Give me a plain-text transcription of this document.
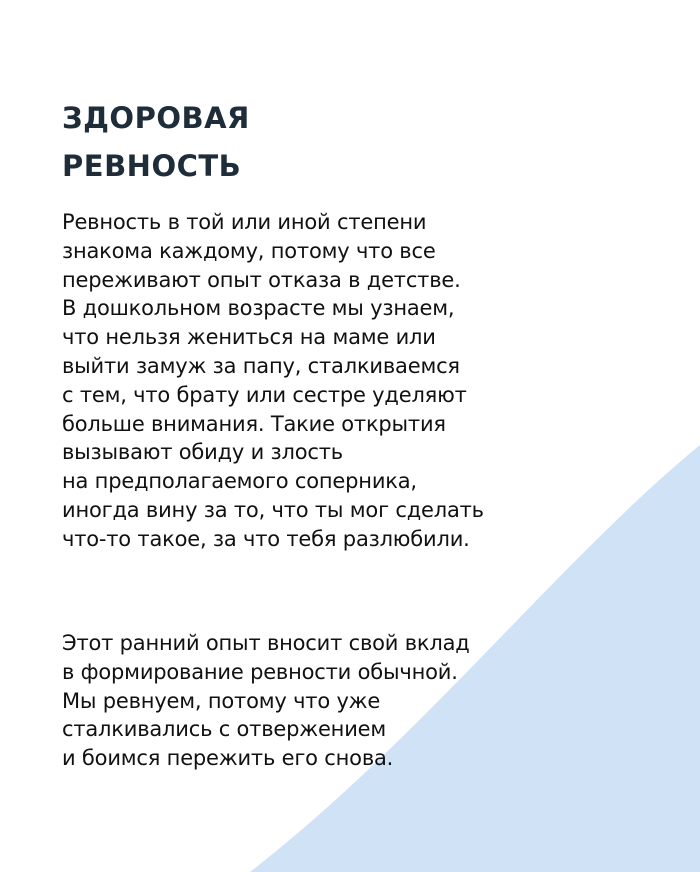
ЗДОРОВАЯ
РЕВНОСТЬ

Ревность в той или иной степени
знакома каждому, потому что все
переживают опыт отказа в детстве.
В дошкольном возрасте мы узнаем,
что нельзя жениться на маме или
выйти замуж за папу, сталкиваемся
с тем, что брату или сестре уделяют
больше внимания. Такие открытия
вызывают обиду и злость
на предполагаемого соперника,
иногда вину за то, что ты мог сделать
что-то такое, за что тебя разлюбили.

Этот ранний опыт вносит свой вклад
в формирование ревности обычной.
Мы ревнуем, потому что уже
сталкивались с отвержением
и боимся пережить его снова.
